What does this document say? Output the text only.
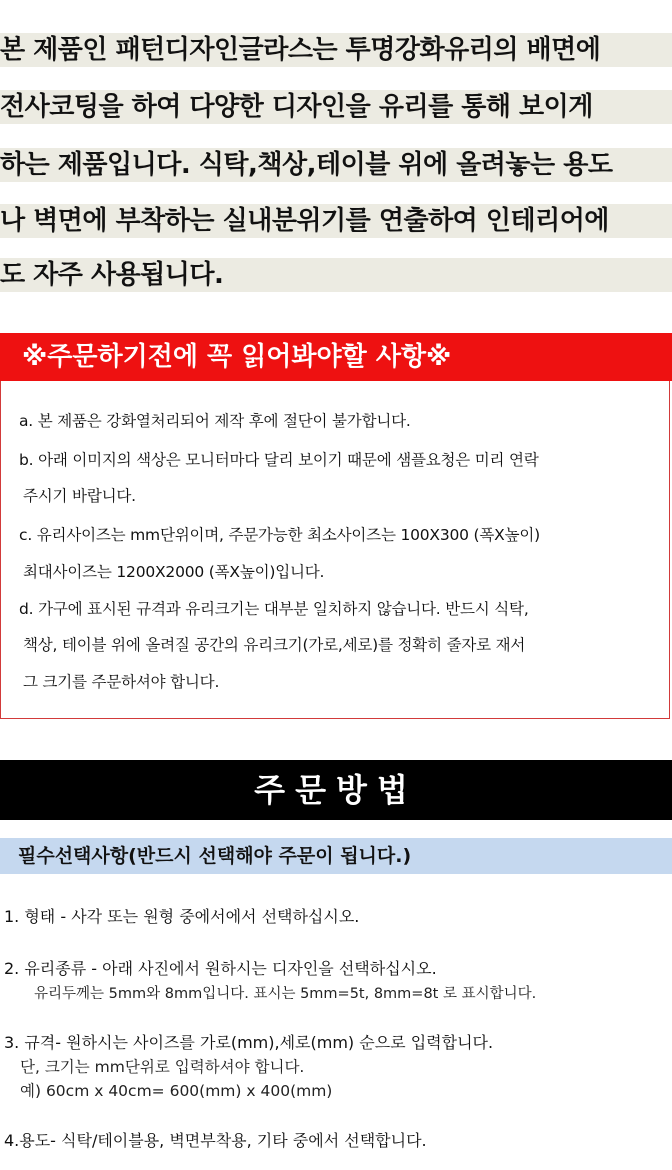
본 제품인 패턴디자인글라스는 투명강화유리의 배면에
전사코팅을 하여 다양한 디자인을 유리를 통해 보이게
하는 제품입니다. 식탁,책상,테이블 위에 올려놓는 용도
나 벽면에 부착하는 실내분위기를 연출하여 인테리어에
도 자주 사용됩니다.
※주문하기전에 꼭 읽어봐야할 사항※
a. 본 제품은 강화열처리되어 제작 후에 절단이 불가합니다.
b. 아래 이미지의 색상은 모니터마다 달리 보이기 때문에 샘플요청은 미리 연락
주시기 바랍니다.
c. 유리사이즈는 mm단위이며, 주문가능한 최소사이즈는 100X300 (폭X높이)
최대사이즈는 1200X2000 (폭X높이)입니다.
d. 가구에 표시된 규격과 유리크기는 대부분 일치하지 않습니다. 반드시 식탁,
책상, 테이블 위에 올려질 공간의 유리크기(가로,세로)를 정확히 줄자로 재서
그 크기를 주문하셔야 합니다.
주문방법
필수선택사항(반드시 선택해야 주문이 됩니다.)
1. 형태 - 사각 또는 원형 중에서에서 선택하십시오.
2. 유리종류 - 아래 사진에서 원하시는 디자인을 선택하십시오.
유리두께는 5mm와 8mm입니다. 표시는 5mm=5t, 8mm=8t 로 표시합니다.
3. 규격- 원하시는 사이즈를 가로(mm),세로(mm) 순으로 입력합니다.
단, 크기는 mm단위로 입력하셔야 합니다.
예) 60cm x 40cm= 600(mm) x 400(mm)
4.용도- 식탁/테이블용, 벽면부착용, 기타 중에서 선택합니다.
